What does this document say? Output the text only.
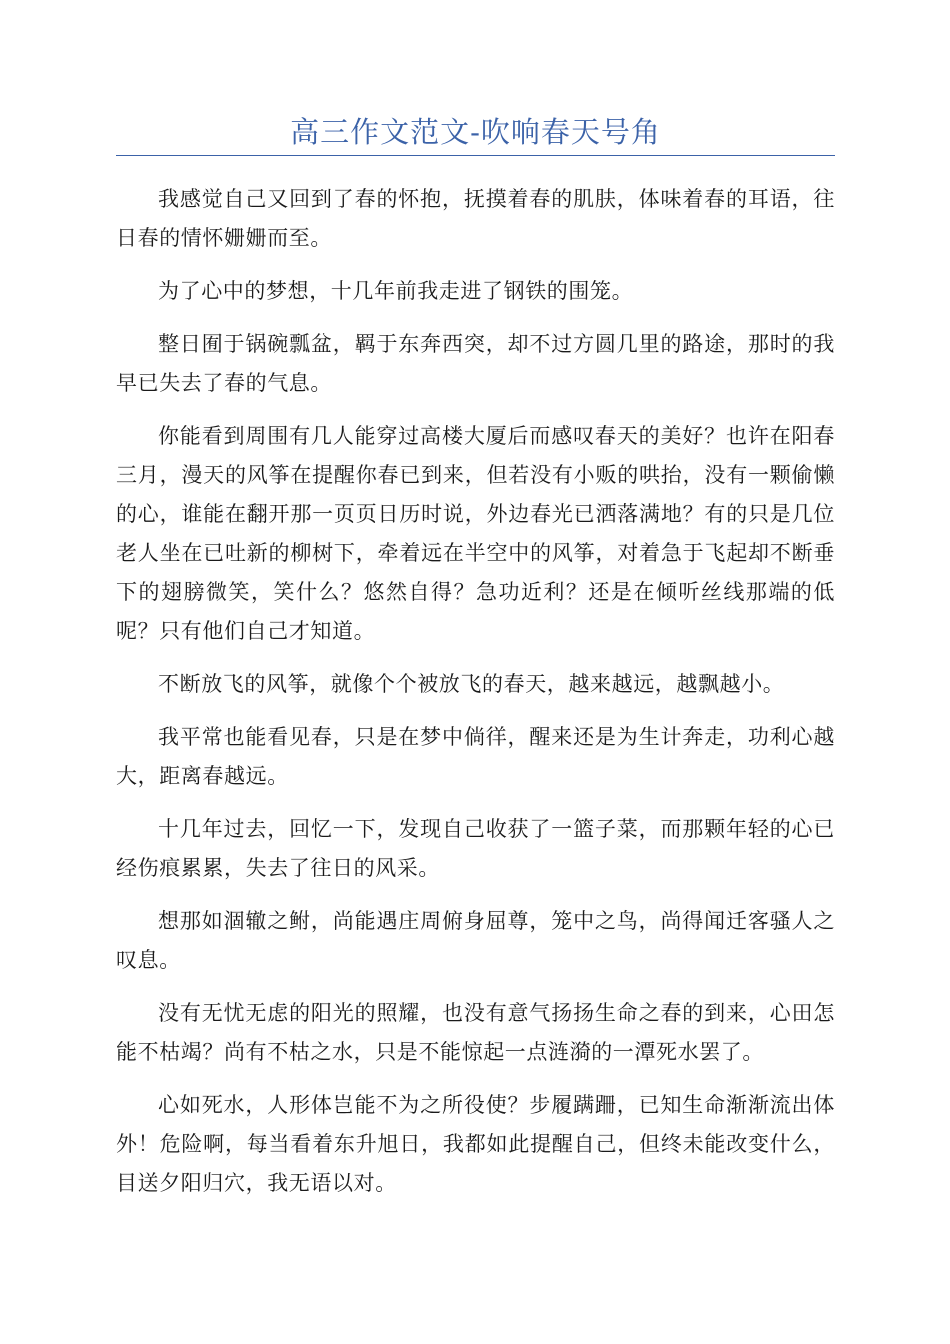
高三作文范文-吹响春天号角

我感觉自己又回到了春的怀抱，抚摸着春的肌肤，体味着春的耳语，往日春的情怀姗姗而至。

为了心中的梦想，十几年前我走进了钢铁的围笼。

整日囿于锅碗瓢盆，羁于东奔西突，却不过方圆几里的路途，那时的我早已失去了春的气息。

你能看到周围有几人能穿过高楼大厦后而感叹春天的美好？也许在阳春三月，漫天的风筝在提醒你春已到来，但若没有小贩的哄抬，没有一颗偷懒的心，谁能在翻开那一页页日历时说，外边春光已洒落满地？有的只是几位老人坐在已吐新的柳树下，牵着远在半空中的风筝，对着急于飞起却不断垂下的翅膀微笑，笑什么？悠然自得？急功近利？还是在倾听丝线那端的低呢？只有他们自己才知道。

不断放飞的风筝，就像个个被放飞的春天，越来越远，越飘越小。

我平常也能看见春，只是在梦中倘徉，醒来还是为生计奔走，功利心越大，距离春越远。

十几年过去，回忆一下，发现自己收获了一篮子菜，而那颗年轻的心已经伤痕累累，失去了往日的风采。

想那如涸辙之鲋，尚能遇庄周俯身屈尊，笼中之鸟，尚得闻迁客骚人之叹息。

没有无忧无虑的阳光的照耀，也没有意气扬扬生命之春的到来，心田怎能不枯竭？尚有不枯之水，只是不能惊起一点涟漪的一潭死水罢了。

心如死水，人形体岂能不为之所役使？步履蹒跚，已知生命渐渐流出体外！危险啊，每当看着东升旭日，我都如此提醒自己，但终未能改变什么，目送夕阳归穴，我无语以对。
